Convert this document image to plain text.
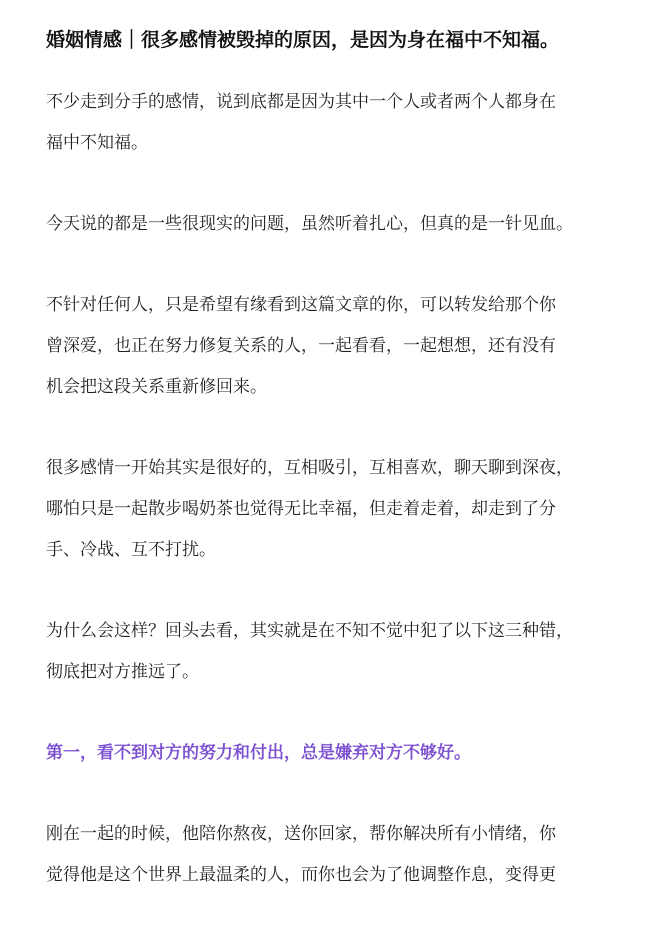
婚姻情感｜很多感情被毁掉的原因，是因为身在福中不知福。

不少走到分手的感情，说到底都是因为其中一个人或者两个人都身在
福中不知福。

今天说的都是一些很现实的问题，虽然听着扎心，但真的是一针见血。

不针对任何人，只是希望有缘看到这篇文章的你，可以转发给那个你
曾深爱，也正在努力修复关系的人，一起看看，一起想想，还有没有
机会把这段关系重新修回来。

很多感情一开始其实是很好的，互相吸引，互相喜欢，聊天聊到深夜，
哪怕只是一起散步喝奶茶也觉得无比幸福，但走着走着，却走到了分
手、冷战、互不打扰。

为什么会这样？回头去看，其实就是在不知不觉中犯了以下这三种错，
彻底把对方推远了。

第一，看不到对方的努力和付出，总是嫌弃对方不够好。

刚在一起的时候，他陪你熬夜，送你回家，帮你解决所有小情绪，你
觉得他是这个世界上最温柔的人，而你也会为了他调整作息，变得更
